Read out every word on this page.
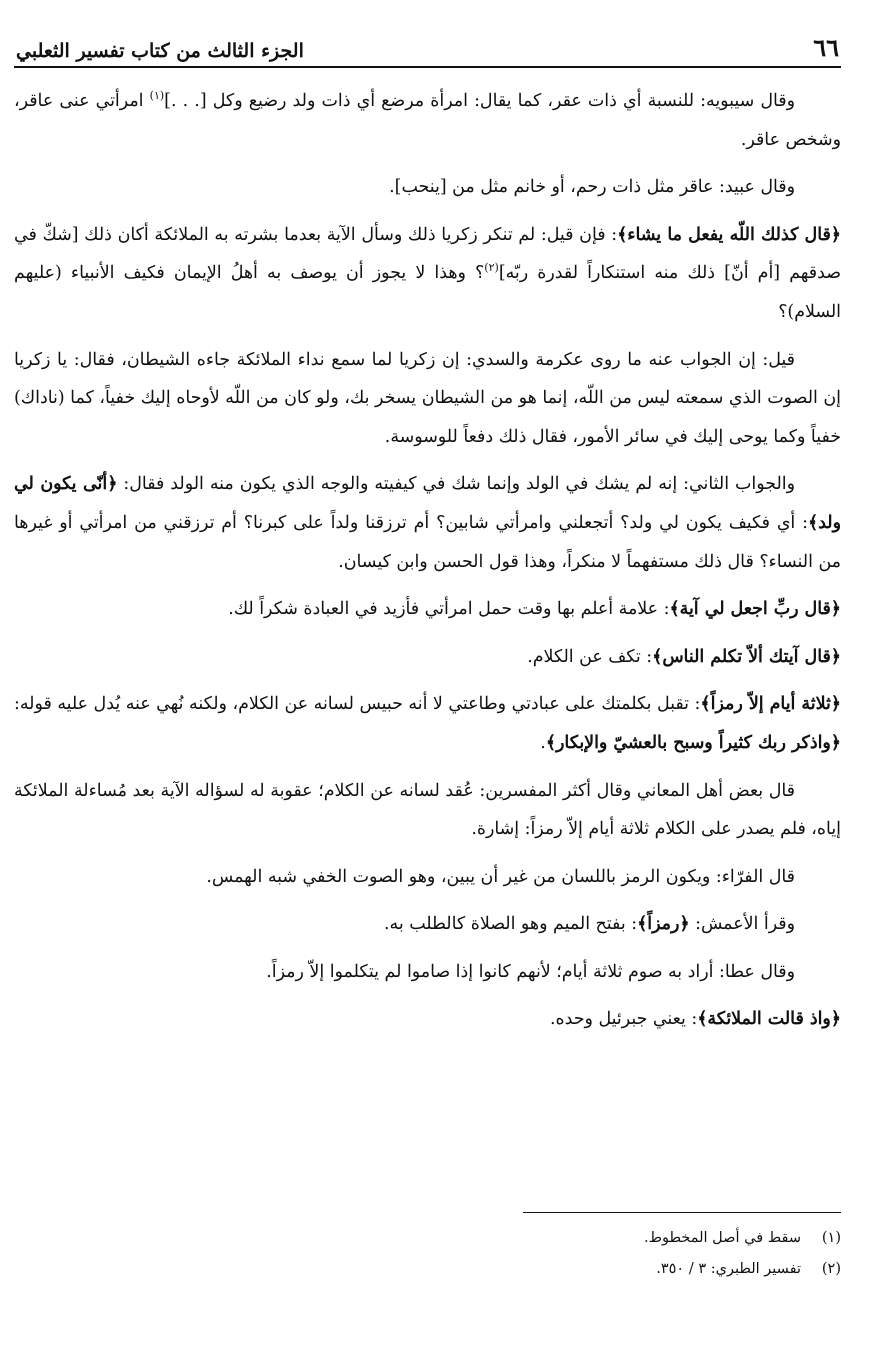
٦٦
الجزء الثالث من كتاب تفسير الثعلبي

وقال سيبويه: للنسبة أي ذات عقر، كما يقال: امرأة مرضع أي ذات ولد رضيع وكل [. . .]$^{(١)}$ امرأتي عنى عاقر، وشخص عاقر.

وقال عبيد: عاقر مثل ذات رحم، أو خانم مثل من [ينحب].

﴿قال كذلك اللّه يفعل ما يشاء﴾: فإن قيل: لم تنكر زكريا ذلك وسأل الآية بعدما بشرته به الملائكة أكان ذلك [شكّ في صدقهم [أم أنّ] ذلك منه استنكاراً لقدرة ربّه]$^{(٢)}$؟ وهذا لا يجوز أن يوصف به أهلُ الإيمان فكيف الأنبياء (عليهم السلام)؟

قيل: إن الجواب عنه ما روى عكرمة والسدي: إن زكريا لما سمع نداء الملائكة جاءه الشيطان، فقال: يا زكريا إن الصوت الذي سمعته ليس من اللّه، إنما هو من الشيطان يسخر بك، ولو كان من اللّه لأوحاه إليك خفياً، كما (ناداك) خفياً وكما يوحى إليك في سائر الأمور، فقال ذلك دفعاً للوسوسة.

والجواب الثاني: إنه لم يشك في الولد وإنما شك في كيفيته والوجه الذي يكون منه الولد فقال: ﴿أنّى يكون لي ولد﴾: أي فكيف يكون لي ولد؟ أتجعلني وامرأتي شابين؟ أم ترزقنا ولداً على كبرنا؟ أم ترزقني من امرأتي أو غيرها من النساء؟ قال ذلك مستفهماً لا منكراً، وهذا قول الحسن وابن كيسان.

﴿قال ربِّ اجعل لي آية﴾: علامة أعلم بها وقت حمل امرأتي فأزيد في العبادة شكراً لك.

﴿قال آيتك ألاّ تكلم الناس﴾: تكف عن الكلام.

﴿ثلاثة أيام إلاّ رمزاً﴾: تقبل بكلمتك على عبادتي وطاعتي لا أنه حبيس لسانه عن الكلام، ولكنه نُهي عنه يُدل عليه قوله: ﴿واذكر ربك كثيراً وسبح بالعشيّ والإبكار﴾.

قال بعض أهل المعاني وقال أكثر المفسرين: عُقد لسانه عن الكلام؛ عقوبة له لسؤاله الآية بعد مُساءلة الملائكة إياه، فلم يصدر على الكلام ثلاثة أيام إلاّ رمزاً: إشارة.

قال الفرّاء: ويكون الرمز باللسان من غير أن يبين، وهو الصوت الخفي شبه الهمس.

وقرأ الأعمش: ﴿رمزاً﴾: بفتح الميم وهو الصلاة كالطلب به.

وقال عطا: أراد به صوم ثلاثة أيام؛ لأنهم كانوا إذا صاموا لم يتكلموا إلاّ رمزاً.

﴿واذ قالت الملائكة﴾: يعني جبرئيل وحده.

(١)سقط في أصل المخطوط.
(٢)تفسير الطبري: ٣ / ٣٥٠.
